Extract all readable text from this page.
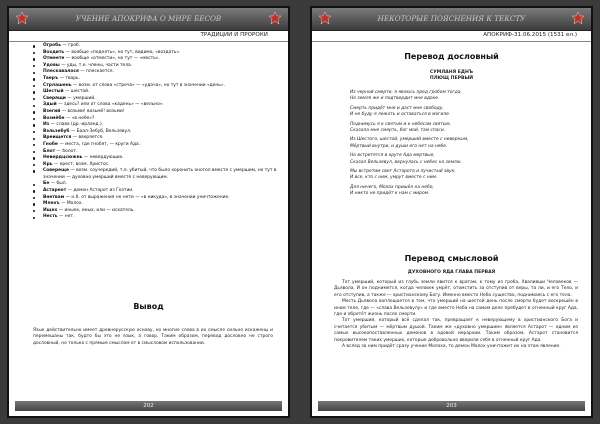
УЧЕНИЕ АПОКРИФА О МИРЕ БЕСОВ
ТРАДИЦИИ И ПРОРОКИ
Огробь — гроб.
Вохдить — вообще «поднять», но тут, видимо, «воздать».
Отмеете — вообще «отмести», но тут — «месть».
Удовы — уды, т.е. члены, части тела.
Плескавалося — плескается.
Тверъ — тварь.
Стрлашень — возм. от слова «стреча» — «удача», но тут в значении «день».
Шестый — шестой.
Сверящи — умерший.
Здый — здесь? или от слова «кадень» — «вельно».
Взегий — возьми! возьмё! возьми!
Возмёбе — «в небе»?
Из — слава (др.-ирланд.).
Вэльзебуб — Баал-Зебуб, Вельзевул.
Вреищется — вверяется.
Гнобе — места, где гнобят, — круги Ада.
Блот — болот.
Невердцсюжнь — невердующих.
Крь — крест, возм. Христос.
Совереще — возм. соучередий, т.е. убитый, что было хоронить оногол вместе с умершим, но тут в значении — духовно умерший вместе с неверующим.
Бе — был.
Астарнот — демон Астарот из Гоэтии.
Внетвам — н.б. от выражения не нети — «в никуда», в значении уничтожение.
Млехъ — Молох.
Ищех — иныех, иных, или — исхатель.
Несть — нет.
Вывод
Язык действительно имеет древнерусскую основу, но многие слова в их смысле сильно искажены и перемешаны так, будто бы это не язык, а говор. Таким образом, перевод дословно не строго дословный, но только с прямым смыслом от в смысловом использовании.
202
НЕКОТОРЫЕ ПОЯСНЕНИЯ К ТЕКСТУ
АПОКРИФ-31.06.2015 (1531 ел.)
Перевод дословный
СУМЛАНЯ ЕДНЪ
ПЛЮЩ ПЕРВЫЙ

Из черной смерти, я явлюсь пред гробом тогда,
Но земля же и подтвердит мне вдохе.

Смерть придёт мне и даст мне свободу,
И не буду я лежать и оставаться в могиле.

Поднимусь я к святым и к небесам святым,
Сказала мне смерть, бог мой, там спаси.

Из Шестого, шестой, умерший вместе с неверным,
Мёртвый внутри, и души его нет на небе.

Но встретятся в круге Ада мертвые,
Сказал Вельзевул, вернулась с небес на землю.

Мы встретим свет Астарота и лучистый звук,
И все, кто с ним, умрут вместе с ним.

Для ничего, Молох пришёл на небо,
И никто не придёт к нам с миром.

Перевод смысловой
ДУХОВНОГО ЯДА ГЛАВА ПЕРВАЯ

Тот умерший, который из глубь земли явится к вратам, к тому из гроба, Хваливши Человеков — Дьявола. И он поднимется, когда человек умрёт, отомстить за отступив от веры, та ли, и его Тело, и его отступив, а также — христианскому Богу. Именно вместо Неба существо, поднимаясь с его тела.

Месть Дьявола воплощается в том, что умерший на шестой день после смерти будет воскрешён в ином теле, где — «слава Вельзевулу» и где вместо Неба на самом деле пребудет в огненный круг Ада, где и обретёт жизнь после смерти.

Тот умерший, который всё сделал так, превращает к неверующему в христианского Бога и считается убитым — мёртвым душой. Таким же «духовно умершим» является Астарот — одним из самых высокопоставленных демонов в адовой иерархии. Таким образом, Астарот становится покровителем таких умерших, которые добровольно вверили себя в огненный круг Ада.

А вслед за ним придёт сразу учение Молоха, то демон Молох уничтожит их на этом явление.

203
